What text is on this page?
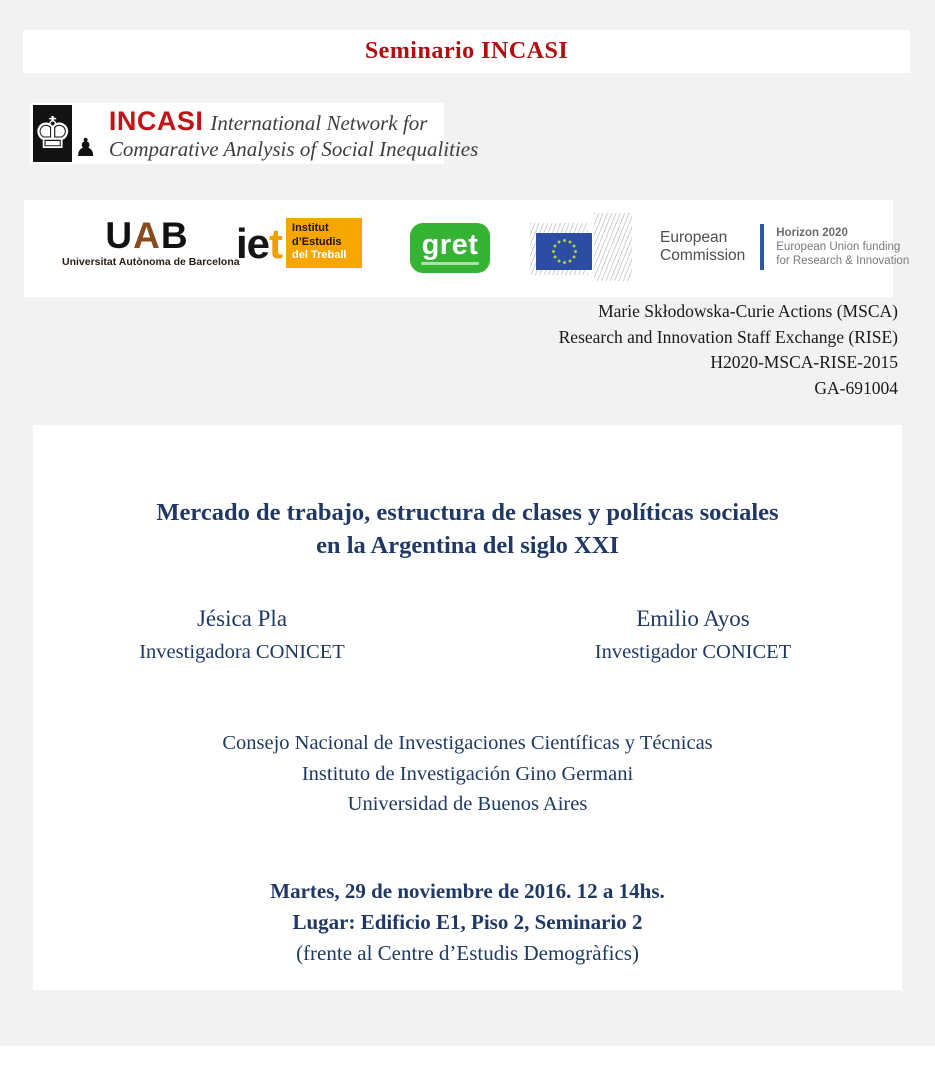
Seminario INCASI
♚ ♟
INCASI International Network for
Comparative Analysis of Social Inequalities
UAB
Universitat Autònoma de Barcelona
iet Institut
d’Estudis
del Treball	gret	European
Commission
Horizon 2020
European Union funding
for Research & Innovation
Marie Skłodowska-Curie Actions (MSCA)
Research and Innovation Staff Exchange (RISE)
H2020-MSCA-RISE-2015
GA-691004
Mercado de trabajo, estructura de clases y políticas sociales
en la Argentina del siglo XXI
Jésica Pla
Investigadora CONICET
Emilio Ayos
Investigador CONICET
Consejo Nacional de Investigaciones Científicas y Técnicas
Instituto de Investigación Gino Germani
Universidad de Buenos Aires
Martes, 29 de noviembre de 2016. 12 a 14hs.
Lugar: Edificio E1, Piso 2, Seminario 2
(frente al Centre d’Estudis Demogràfics)
